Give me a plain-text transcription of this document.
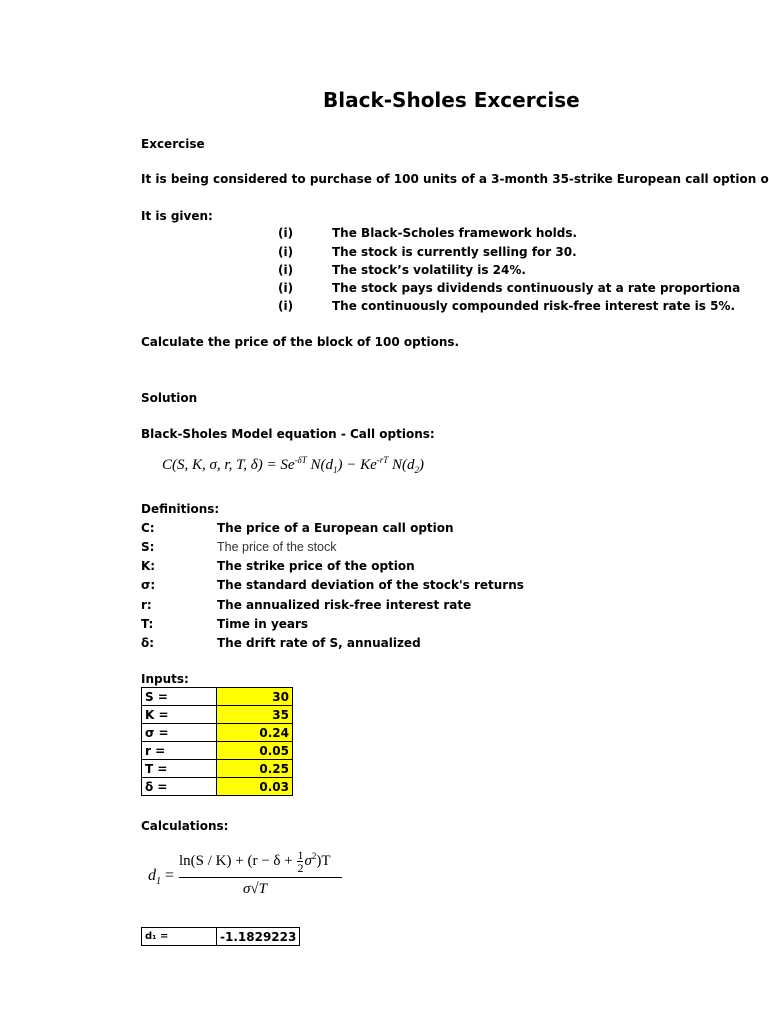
Black-Sholes Excercise
Excercise
It is being considered to purchase of 100 units of a 3-month 35-strike European call option o
It is given:
(i)	The Black-Scholes framework holds.
(i)	The stock is currently selling for 30.
(i)	The stock’s volatility is 24%.
(i)	The stock pays dividends continuously at a rate proportiona
(i)	The continuously compounded risk-free interest rate is 5%.
Calculate the price of the block of 100 options.
Solution
Black-Sholes Model equation - Call options:
C(S, K, σ, r, T, $\delta) = Se^{-\delta T}$ $N(d_1) - Ke^{-rT}$ $N(d_2)$
Definitions:
C:	The price of a European call option
S:	The price of the stock
K:	The strike price of the option
σ:	The standard deviation of the stock's returns
r:	The annualized risk-free interest rate
T:	Time in years
δ:	The drift rate of S, annualized
Inputs:
S =	30
K =	35
σ =	0.24
r =	0.05
T =	0.25
δ =	0.03
Calculations:
$d_1$ =
$\ln(S / K) + (r - \delta + \frac{1}{2} \sigma^2)T$
σ√T
d₁ =	-1.1829223
